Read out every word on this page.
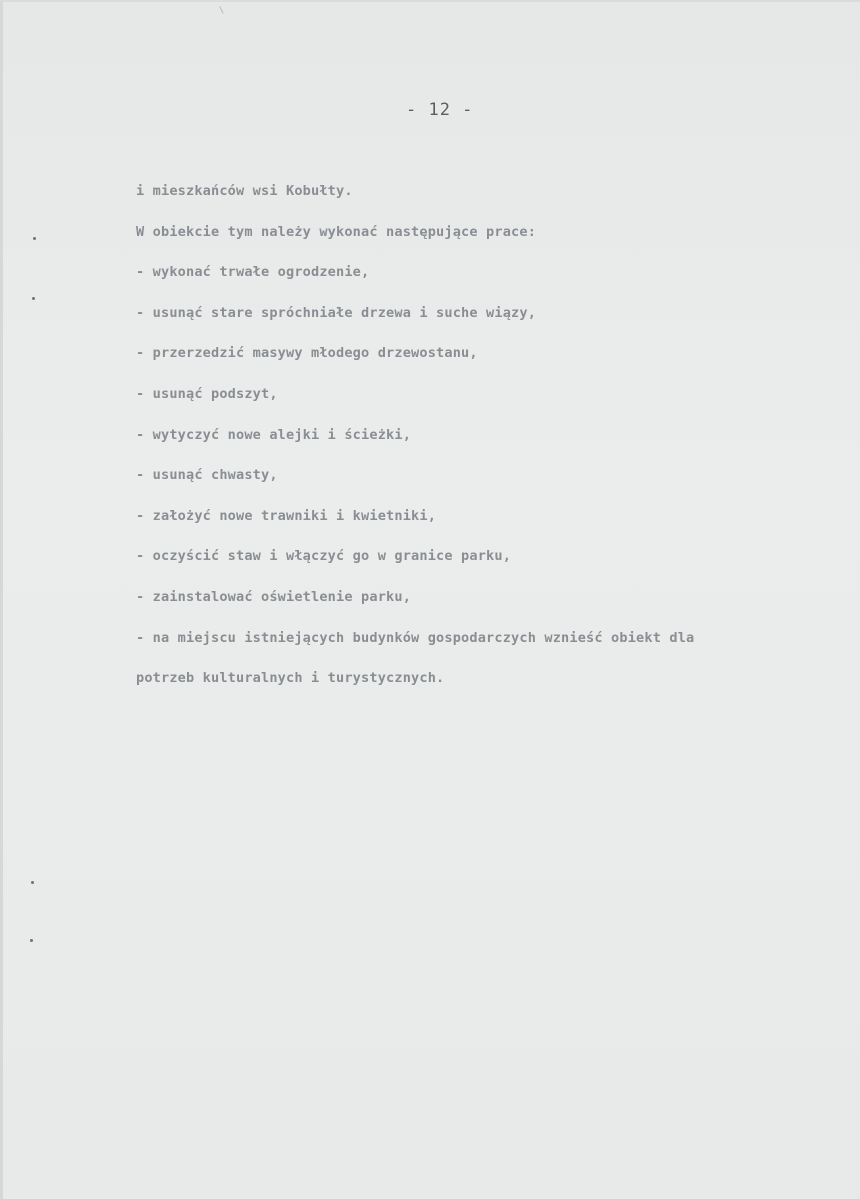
- 12 -
i mieszkańców wsi Kobułty.
W obiekcie tym należy wykonać następujące prace:
- wykonać trwałe ogrodzenie,
- usunąć stare spróchniałe drzewa i suche wiązy,
- przerzedzić masywy młodego drzewostanu,
- usunąć podszyt,
- wytyczyć nowe alejki i ścieżki,
- usunąć chwasty,
- założyć nowe trawniki i kwietniki,
- oczyścić staw i włączyć go w granice parku,
- zainstalować oświetlenie parku,
- na miejscu istniejących budynków gospodarczych wznieść obiekt dla
potrzeb kulturalnych i turystycznych.
